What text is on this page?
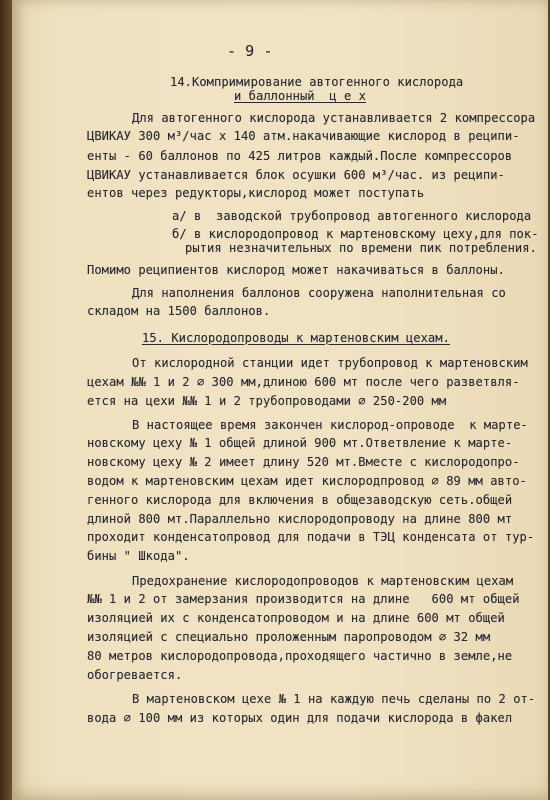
- 9 -
14.Компримирование автогенного кислорода
и баллонный  ц е х
Для автогенного кислорода устанавливается 2 компрессора
ЦВИКАУ 300 м³/час х 140 атм.накачивающие кислород в реципи-
енты - 60 баллонов по 425 литров каждый.После компрессоров
ЦВИКАУ устанавливается блок осушки 600 м³/час. из реципи-
ентов через редукторы,кислород может поступать
а/ в  заводской трубопровод автогенного кислорода
б/ в кислородопровод к мартеновскому цеху,для пок-
рытия незначительных по времени пик потребления.
Помимо реципиентов кислород может накачиваться в баллоны.
Для наполнения баллонов сооружена наполнительная со
складом на 1500 баллонов.
15. Кислородопроводы к мартеновским цехам.
От кислородной станции идет трубопровод к мартеновским
цехам №№ 1 и 2 ∅ 300 мм,длиною 600 мт после чего разветвля-
ется на цехи №№ 1 и 2 трубопроводами ∅ 250-200 мм
В настоящее время закончен кислород-опроводе  к марте-
новскому цеху № 1 общей длиной 900 мт.Ответвление к марте-
новскому цеху № 2 имеет длину 520 мт.Вместе с кислородопро-
водом к мартеновским цехам идет кислородпровод ∅ 89 мм авто-
генного кислорода для включения в общезаводскую сеть.общей
длиной 800 мт.Параллельно кислородопроводу на длине 800 мт
проходит конденсатопровод для подачи в ТЭЦ конденсата от тур-
бины " Шкода".
Предохранение кислородопроводов к мартеновским цехам
№№ 1 и 2 от замерзания производится на длине   600 мт общей
изоляцией их с конденсатопроводом и на длине 600 мт общей
изоляцией с специально проложенным паропроводом ∅ 32 мм
80 метров кислородопровода,проходящего частично в земле,не
обогревается.
В мартеновском цехе № 1 на каждую печь сделаны по 2 от-
вода ∅ 100 мм из которых один для подачи кислорода в факел
